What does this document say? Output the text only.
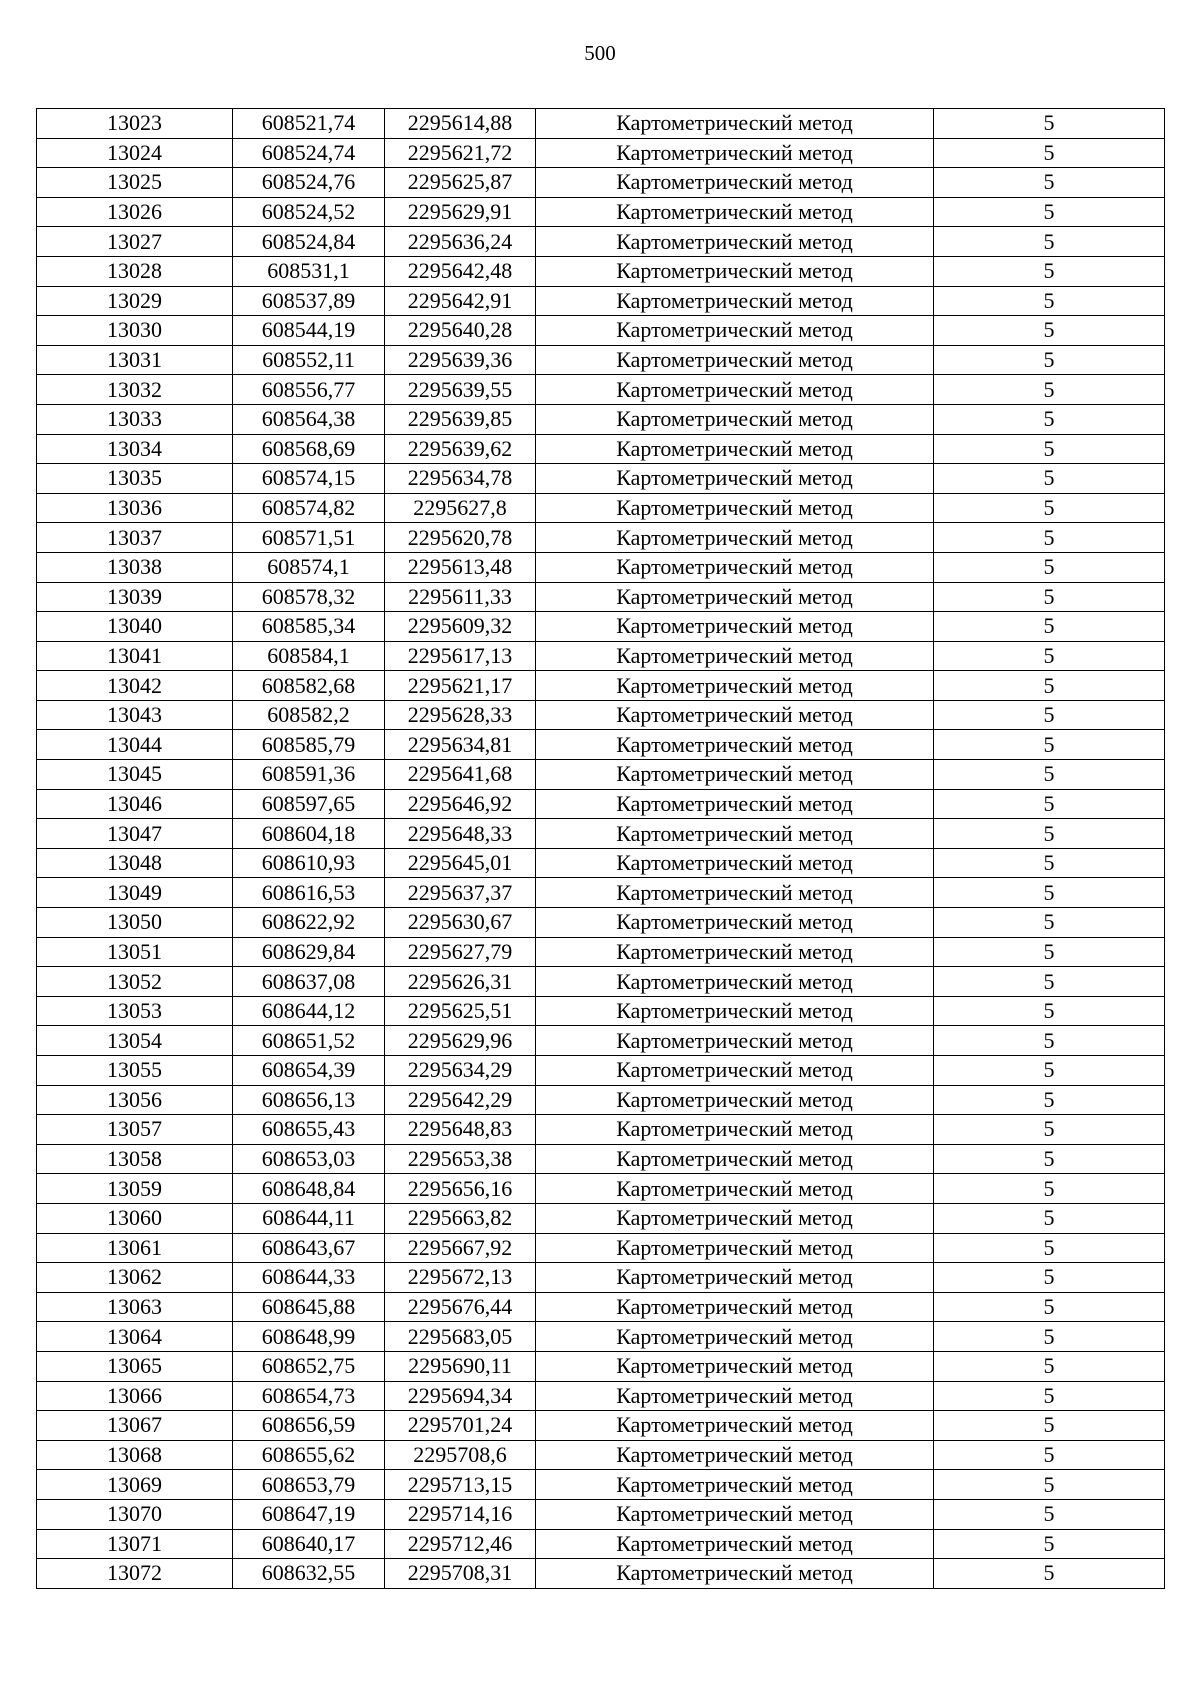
500
13023	608521,74	2295614,88	Картометрический метод	5
13024	608524,74	2295621,72	Картометрический метод	5
13025	608524,76	2295625,87	Картометрический метод	5
13026	608524,52	2295629,91	Картометрический метод	5
13027	608524,84	2295636,24	Картометрический метод	5
13028	608531,1	2295642,48	Картометрический метод	5
13029	608537,89	2295642,91	Картометрический метод	5
13030	608544,19	2295640,28	Картометрический метод	5
13031	608552,11	2295639,36	Картометрический метод	5
13032	608556,77	2295639,55	Картометрический метод	5
13033	608564,38	2295639,85	Картометрический метод	5
13034	608568,69	2295639,62	Картометрический метод	5
13035	608574,15	2295634,78	Картометрический метод	5
13036	608574,82	2295627,8	Картометрический метод	5
13037	608571,51	2295620,78	Картометрический метод	5
13038	608574,1	2295613,48	Картометрический метод	5
13039	608578,32	2295611,33	Картометрический метод	5
13040	608585,34	2295609,32	Картометрический метод	5
13041	608584,1	2295617,13	Картометрический метод	5
13042	608582,68	2295621,17	Картометрический метод	5
13043	608582,2	2295628,33	Картометрический метод	5
13044	608585,79	2295634,81	Картометрический метод	5
13045	608591,36	2295641,68	Картометрический метод	5
13046	608597,65	2295646,92	Картометрический метод	5
13047	608604,18	2295648,33	Картометрический метод	5
13048	608610,93	2295645,01	Картометрический метод	5
13049	608616,53	2295637,37	Картометрический метод	5
13050	608622,92	2295630,67	Картометрический метод	5
13051	608629,84	2295627,79	Картометрический метод	5
13052	608637,08	2295626,31	Картометрический метод	5
13053	608644,12	2295625,51	Картометрический метод	5
13054	608651,52	2295629,96	Картометрический метод	5
13055	608654,39	2295634,29	Картометрический метод	5
13056	608656,13	2295642,29	Картометрический метод	5
13057	608655,43	2295648,83	Картометрический метод	5
13058	608653,03	2295653,38	Картометрический метод	5
13059	608648,84	2295656,16	Картометрический метод	5
13060	608644,11	2295663,82	Картометрический метод	5
13061	608643,67	2295667,92	Картометрический метод	5
13062	608644,33	2295672,13	Картометрический метод	5
13063	608645,88	2295676,44	Картометрический метод	5
13064	608648,99	2295683,05	Картометрический метод	5
13065	608652,75	2295690,11	Картометрический метод	5
13066	608654,73	2295694,34	Картометрический метод	5
13067	608656,59	2295701,24	Картометрический метод	5
13068	608655,62	2295708,6	Картометрический метод	5
13069	608653,79	2295713,15	Картометрический метод	5
13070	608647,19	2295714,16	Картометрический метод	5
13071	608640,17	2295712,46	Картометрический метод	5
13072	608632,55	2295708,31	Картометрический метод	5
